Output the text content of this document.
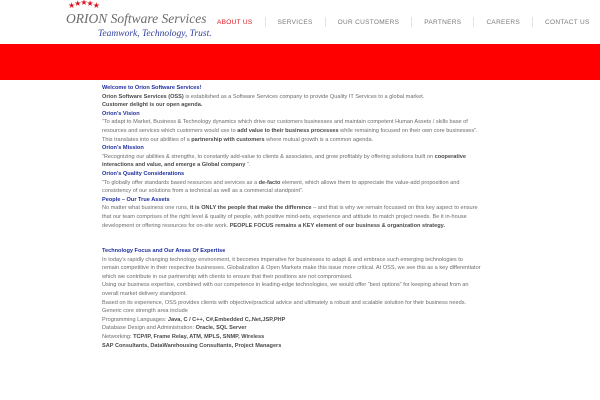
★★★★★
ORION Software Services
Teamwork, Technology, Trust.
ABOUT US	SERVICES	OUR CUSTOMERS	PARTNERS	CAREERS	CONTACT US

Welcome to Orion Software Services!

Orion Software Services (OSS) is established as a Software Services company to provide Quality IT Services to a global market.

Customer delight is our open agenda.

Orion’s Vision

“To adapt to Market, Business & Technology dynamics which drive our customers businesses and maintain competent Human Assets / skills base of

resources and services which customers would use to add value to their business processes while remaining focused on their own core businesses”.

This translates into our abilities of a partnership with customers where mutual growth is a common agenda.

Orion’s Mission

“Recognizing our abilities & strengths, to constantly add-value to clients & associates, and grow profitably by offering solutions built on cooperative

interactions and value, and emerge a Global company ”.

Orion’s Quality Considerations

“To globally offer standards based resources and services as a de-facto element, which allows them to appreciate the value-add proposition and

consistency of our solutions from a technical as well as a commercial standpoint”.

People – Our True Assets

No matter what business one runs, it is ONLY the people that make the difference – and that is why we remain focussed on this key aspect to ensure

that our team comprises of the right level & quality of people, with positive mind-sets, experience and attitude to match project needs. Be it in-house

development or offering resources for on-site work. PEOPLE FOCUS remains a KEY element of our business & organization strategy.

Technology Focus and Our Areas Of Expertise

In today’s rapidly changing technology environment, it becomes imperative for businesses to adapt & and embrace such emerging technologies to

remain competitive in their respective businesses. Globalization & Open Markets make this issue more critical. At OSS, we see this as a key differentiator

which we contribute in our partnership with clients to ensure that their positions are not compromised.

Using our business expertise, combined with our competence in leading-edge technologies, we would offer “best options” for keeping ahead from an

overall market delivery standpoint.

Based on its experience, OSS provides clients with objective/practical advice and ultimately a robust and scalable solution for their business needs.

Generic core strength area include

Programming Languages: Java, C / C++, C#,Embedded C,.Net,JSP,PHP

Database Design and Administration: Oracle, SQL Server

Networking: TCP/IP, Frame Relay, ATM, MPLS, SNMP, Wireless

SAP Consultants, DataWarehousing Consultants, Project Managers
